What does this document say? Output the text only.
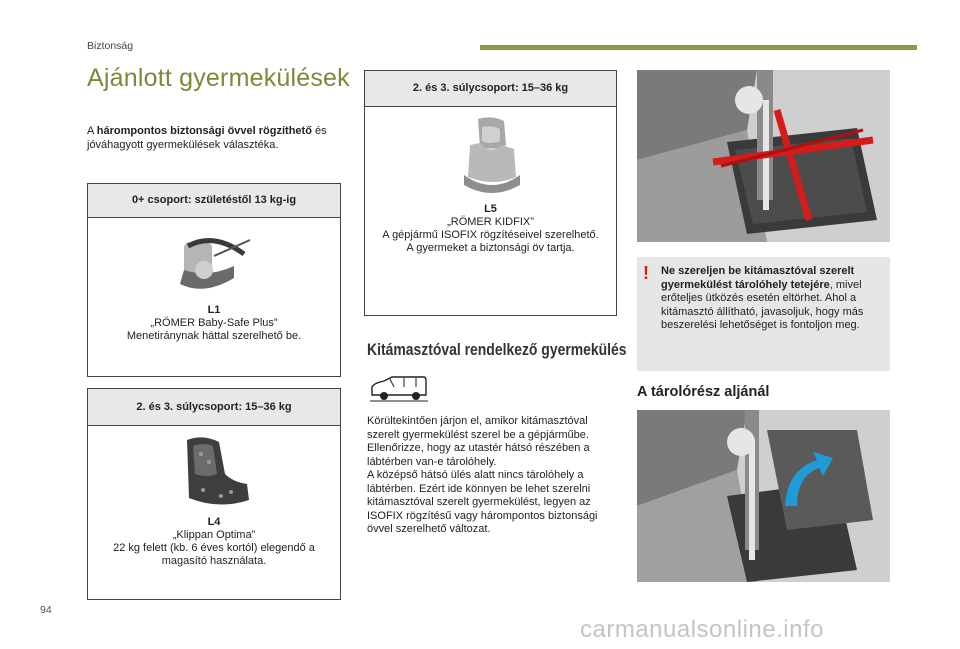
Biztonság
Ajánlott gyermekülések
A hárompontos biztonsági övvel rögzíthető és jóváhagyott gyermekülések választéka.
0+ csoport: születéstől 13 kg-ig
L1
„RÖMER Baby-Safe Plus”
Menetiránynak háttal szerelhető be.
2. és 3. súlycsoport: 15–36 kg
L4
„Klippan Optima”
22 kg felett (kb. 6 éves kortól) elegendő a magasító használata.
2. és 3. súlycsoport: 15–36 kg
L5
„RÖMER KIDFIX”
A gépjármű ISOFIX rögzítéseivel szerelhető. A gyermeket a biztonsági öv tartja.
Kitámasztóval rendelkező gyermekülés
Körültekintően járjon el, amikor kitámasztóval szerelt gyermekülést szerel be a gépjárműbe.
Ellenőrizze, hogy az utastér hátsó részében a lábtérben van-e tárolóhely.
A középső hátsó ülés alatt nincs tárolóhely a lábtérben. Ezért ide könnyen be lehet szerelni kitámasztóval szerelt gyermekülést, legyen az ISOFIX rögzítésű vagy hárompontos biztonsági övvel szerelhető változat.
! Ne szereljen be kitámasztóval szerelt gyermekülést tárolóhely tetejére, mivel erőteljes ütközés esetén eltörhet. Ahol a kitámasztó állítható, javasoljuk, hogy más beszerelési lehetőséget is fontoljon meg.
A tárolórész aljánál
94
carmanualsonline.info
